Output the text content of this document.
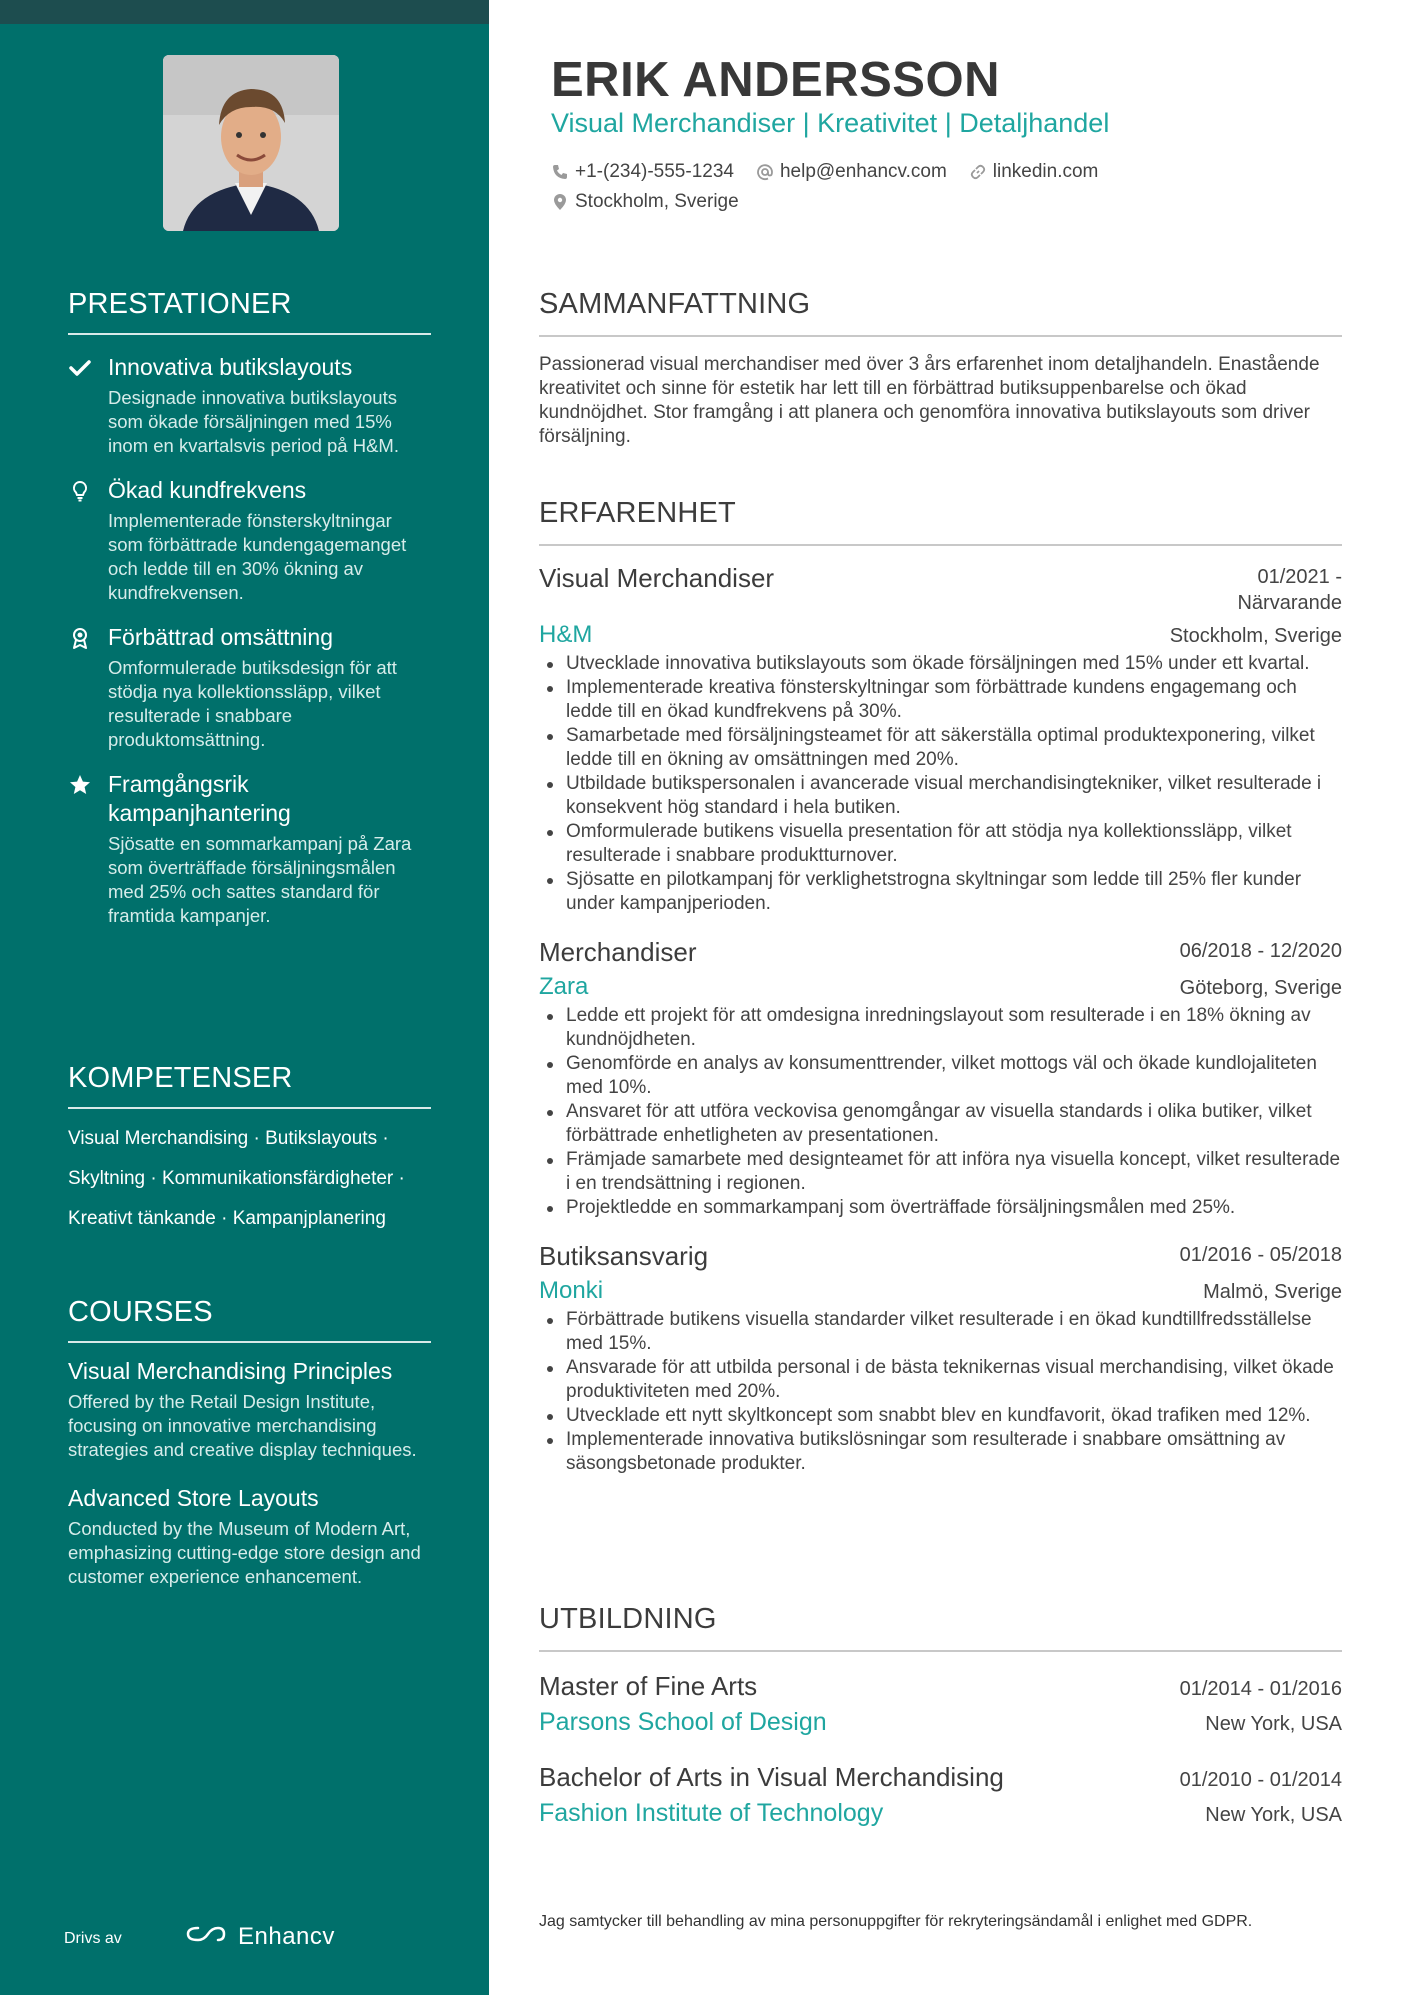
PRESTATIONER
Innovativa butikslayouts
Designade innovativa butikslayouts som ökade försäljningen med 15% inom en kvartalsvis period på H&M.
Ökad kundfrekvens
Implementerade fönsterskyltningar som förbättrade kundengagemanget och ledde till en 30% ökning av kundfrekvensen.
Förbättrad omsättning
Omformulerade butiksdesign för att stödja nya kollektionssläpp, vilket resulterade i snabbare produktomsättning.
Framgångsrik kampanjhantering
Sjösatte en sommarkampanj på Zara som överträffade försäljningsmålen med 25% och sattes standard för framtida kampanjer.
KOMPETENSER
Visual Merchandising · Butikslayouts ·
Skyltning · Kommunikationsfärdigheter ·
Kreativt tänkande · Kampanjplanering
COURSES
Visual Merchandising Principles
Offered by the Retail Design Institute, focusing on innovative merchandising strategies and creative display techniques.
Advanced Store Layouts
Conducted by the Museum of Modern Art, emphasizing cutting-edge store design and customer experience enhancement.
Drivs av	Enhancv
ERIK ANDERSSON
Visual Merchandiser | Kreativitet | Detaljhandel
+1-(234)-555-1234 help@enhancv.com linkedin.com
Stockholm, Sverige
SAMMANFATTNING
Passionerad visual merchandiser med över 3 års erfarenhet inom detaljhandeln. Enastående kreativitet och sinne för estetik har lett till en förbättrad butiksuppenbarelse och ökad kundnöjdhet. Stor framgång i att planera och genomföra innovativa butikslayouts som driver försäljning.
ERFARENHET
Visual Merchandiser	01/2021 - Närvarande
H&M	Stockholm, Sverige
Utvecklade innovativa butikslayouts som ökade försäljningen med 15% under ett kvartal.
Implementerade kreativa fönsterskyltningar som förbättrade kundens engagemang och ledde till en ökad kundfrekvens på 30%.
Samarbetade med försäljningsteamet för att säkerställa optimal produktexponering, vilket ledde till en ökning av omsättningen med 20%.
Utbildade butikspersonalen i avancerade visual merchandisingtekniker, vilket resulterade i konsekvent hög standard i hela butiken.
Omformulerade butikens visuella presentation för att stödja nya kollektionssläpp, vilket resulterade i snabbare produktturnover.
Sjösatte en pilotkampanj för verklighetstrogna skyltningar som ledde till 25% fler kunder under kampanjperioden.
Merchandiser	06/2018 - 12/2020
Zara	Göteborg, Sverige
Ledde ett projekt för att omdesigna inredningslayout som resulterade i en 18% ökning av kundnöjdheten.
Genomförde en analys av konsumenttrender, vilket mottogs väl och ökade kundlojaliteten med 10%.
Ansvaret för att utföra veckovisa genomgångar av visuella standards i olika butiker, vilket förbättrade enhetligheten av presentationen.
Främjade samarbete med designteamet för att införa nya visuella koncept, vilket resulterade i en trendsättning i regionen.
Projektledde en sommarkampanj som överträffade försäljningsmålen med 25%.
Butiksansvarig	01/2016 - 05/2018
Monki	Malmö, Sverige
Förbättrade butikens visuella standarder vilket resulterade i en ökad kundtillfredsställelse med 15%.
Ansvarade för att utbilda personal i de bästa teknikernas visual merchandising, vilket ökade produktiviteten med 20%.
Utvecklade ett nytt skyltkoncept som snabbt blev en kundfavorit, ökad trafiken med 12%.
Implementerade innovativa butikslösningar som resulterade i snabbare omsättning av säsongsbetonade produkter.
UTBILDNING
Master of Fine Arts	01/2014 - 01/2016
Parsons School of Design	New York, USA
Bachelor of Arts in Visual Merchandising	01/2010 - 01/2014
Fashion Institute of Technology	New York, USA
Jag samtycker till behandling av mina personuppgifter för rekryteringsändamål i enlighet med GDPR.
